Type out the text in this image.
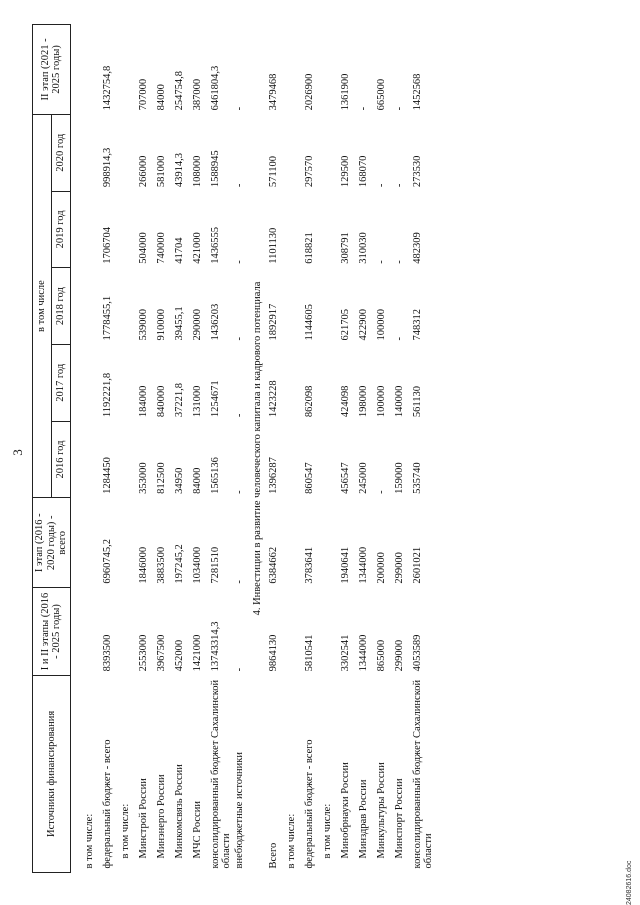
3
Источники финансирования	I и II этапы (2016 - 2025 годы)	I этап (2016 - 2020 годы) - всего	в том числе					II этап (2021 - 2025 годы)
			2016 год	2017 год	2018 год	2019 год	2020 год	

в том числе:								
федеральный бюджет - всего	8393500	6960745,2	1284450	1192221,8	1778455,1	1706704	998914,3	1432754,8
в том числе:								
Минстрой России	2553000	1846000	353000	184000	539000	504000	266000	707000
Минэнерго России	3967500	3883500	812500	840000	910000	740000	581000	84000
Минкомсвязь России	452000	197245,2	34950	37221,8	39455,1	41704	43914,3	254754,8
МЧС России	1421000	1034000	84000	131000	290000	421000	108000	387000
консолидированный бюджет Сахалинской области	13743314,3	7281510	1565136	1254671	1436203	1436555	1588945	6461804,3
внебюджетные источники	-	-	-	-	-	-	-	-
4. Инвестиции в развитие человеческого капитала и кадрового потенциала								
Всего	9864130	6384662	1396287	1423228	1892917	1101130	571100	3479468
в том числе:								
федеральный бюджет - всего	5810541	3783641	860547	862098	1144605	618821	297570	2026900
в том числе:								
Минобрнауки России	3302541	1940641	456547	424098	621705	308791	129500	1361900
Минздрав России	1344000	1344000	245000	198000	422900	310030	168070	-
Минкультуры России	865000	200000	-	100000	100000	-	-	665000
Минспорт России	299000	299000	159000	140000	-	-	-	-
консолидированный бюджет Сахалинской области	4053589	2601021	535740	561130	748312	482309	273530	1452568
24082616.doc
